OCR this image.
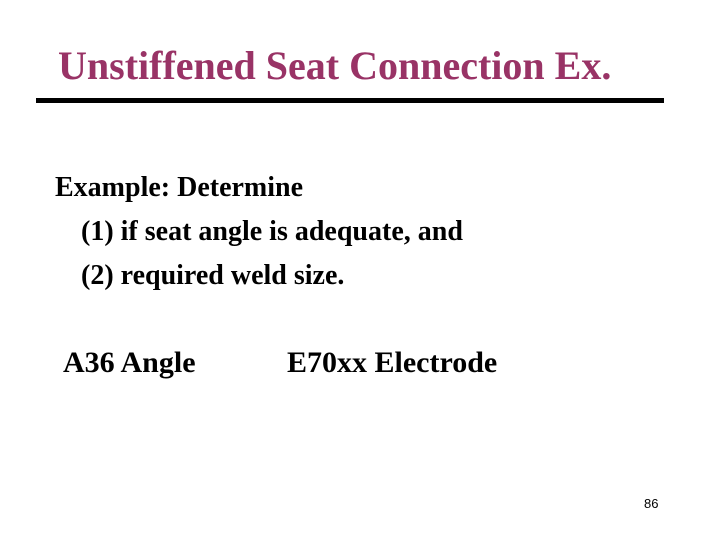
Unstiffened Seat Connection Ex.
Example: Determine
(1) if seat angle is adequate, and
(2) required weld size.
A36 Angle	E70xx Electrode
86
